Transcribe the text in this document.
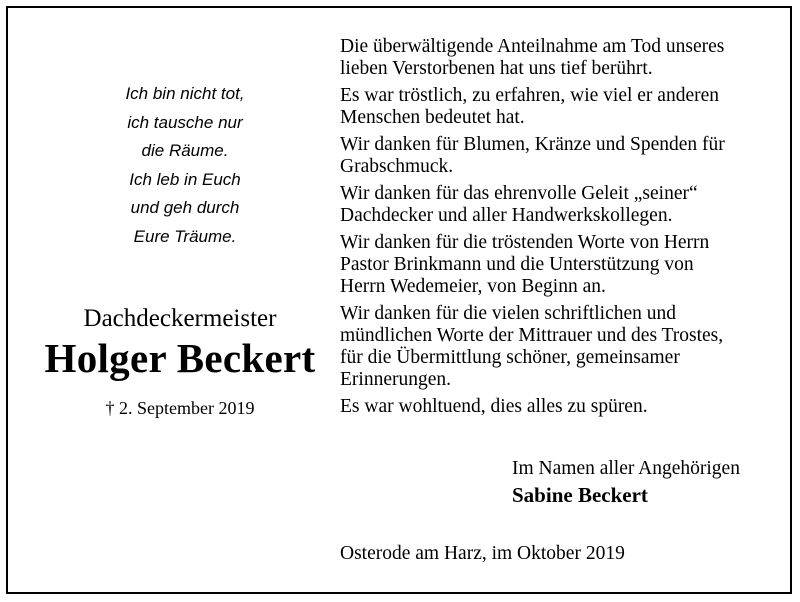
Ich bin nicht tot,
ich tausche nur
die Räume.
Ich leb in Euch
und geh durch
Eure Träume.
Dachdeckermeister
Holger Beckert
† 2. September 2019
Die überwältigende Anteilnahme am Tod unseres
lieben Verstorbenen hat uns tief berührt.
Es war tröstlich, zu erfahren, wie viel er anderen
Menschen bedeutet hat.
Wir danken für Blumen, Kränze und Spenden für
Grabschmuck.
Wir danken für das ehrenvolle Geleit „seiner“
Dachdecker und aller Handwerkskollegen.
Wir danken für die tröstenden Worte von Herrn
Pastor Brinkmann und die Unterstützung von
Herrn Wedemeier, von Beginn an.
Wir danken für die vielen schriftlichen und
mündlichen Worte der Mittrauer und des Trostes,
für die Übermittlung schöner, gemeinsamer
Erinnerungen.
Es war wohltuend, dies alles zu spüren.
Im Namen aller Angehörigen
Sabine Beckert
Osterode am Harz, im Oktober 2019
